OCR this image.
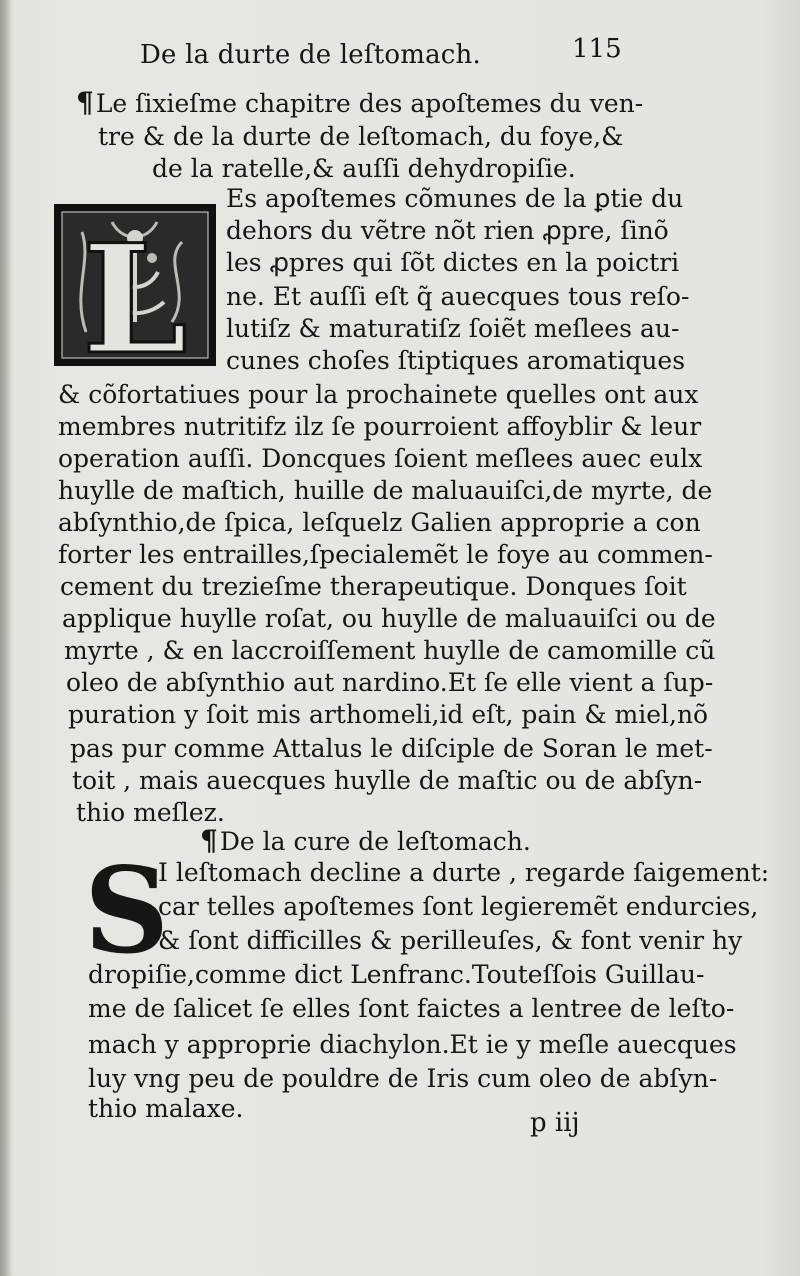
De la durte de leſtomach.	115
¶Le ſixieſme chapitre des apoſtemes du ven-
tre & de la durte de leſtomach, du foye,&
de la ratelle,& auſſi dehydropiſie.
L
Es apoſtemes cõmunes de la ꝑtie du
dehors du vẽtre nõt rien ꝓpre, ſinõ
les ꝓpres qui ſõt dictes en la poictri
ne. Et auſſi eſt q̃ auecques tous reſo-
lutiſz & maturatiſz ſoiẽt meſlees au-
cunes choſes ſtiptiques aromatiques
& cõfortatiues pour la prochainete quelles ont aux
membres nutritifz ilz ſe pourroient affoyblir & leur
operation auſſi. Doncques ſoient meſlees auec eulx
huylle de maſtich, huille de maluauiſci,de myrte, de
abſynthio,de ſpica, leſquelz Galien approprie a con
forter les entrailles,ſpecialemẽt le foye au commen-
cement du trezieſme therapeutique. Donques ſoit
applique huylle roſat, ou huylle de maluauiſci ou de
myrte , & en laccroiſſement huylle de camomille cũ
oleo de abſynthio aut nardino.Et ſe elle vient a ſup-
puration y ſoit mis arthomeli,id eſt, pain & miel,nõ
pas pur comme Attalus le diſciple de Soran le met-
toit , mais auecques huylle de maſtic ou de abſyn-
thio meſlez.
¶De la cure de leſtomach.
S
I leſtomach decline a durte , regarde ſaigement:
car telles apoſtemes ſont legieremẽt endurcies,
& ſont difficilles & perilleuſes, & font venir hy
dropiſie,comme dict Lenfranc.Touteſſois Guillau-
me de ſalicet ſe elles ſont faictes a lentree de leſto-
mach y approprie diachylon.Et ie y meſle auecques
luy vng peu de pouldre de Iris cum oleo de abſyn-
thio malaxe.	p iij
